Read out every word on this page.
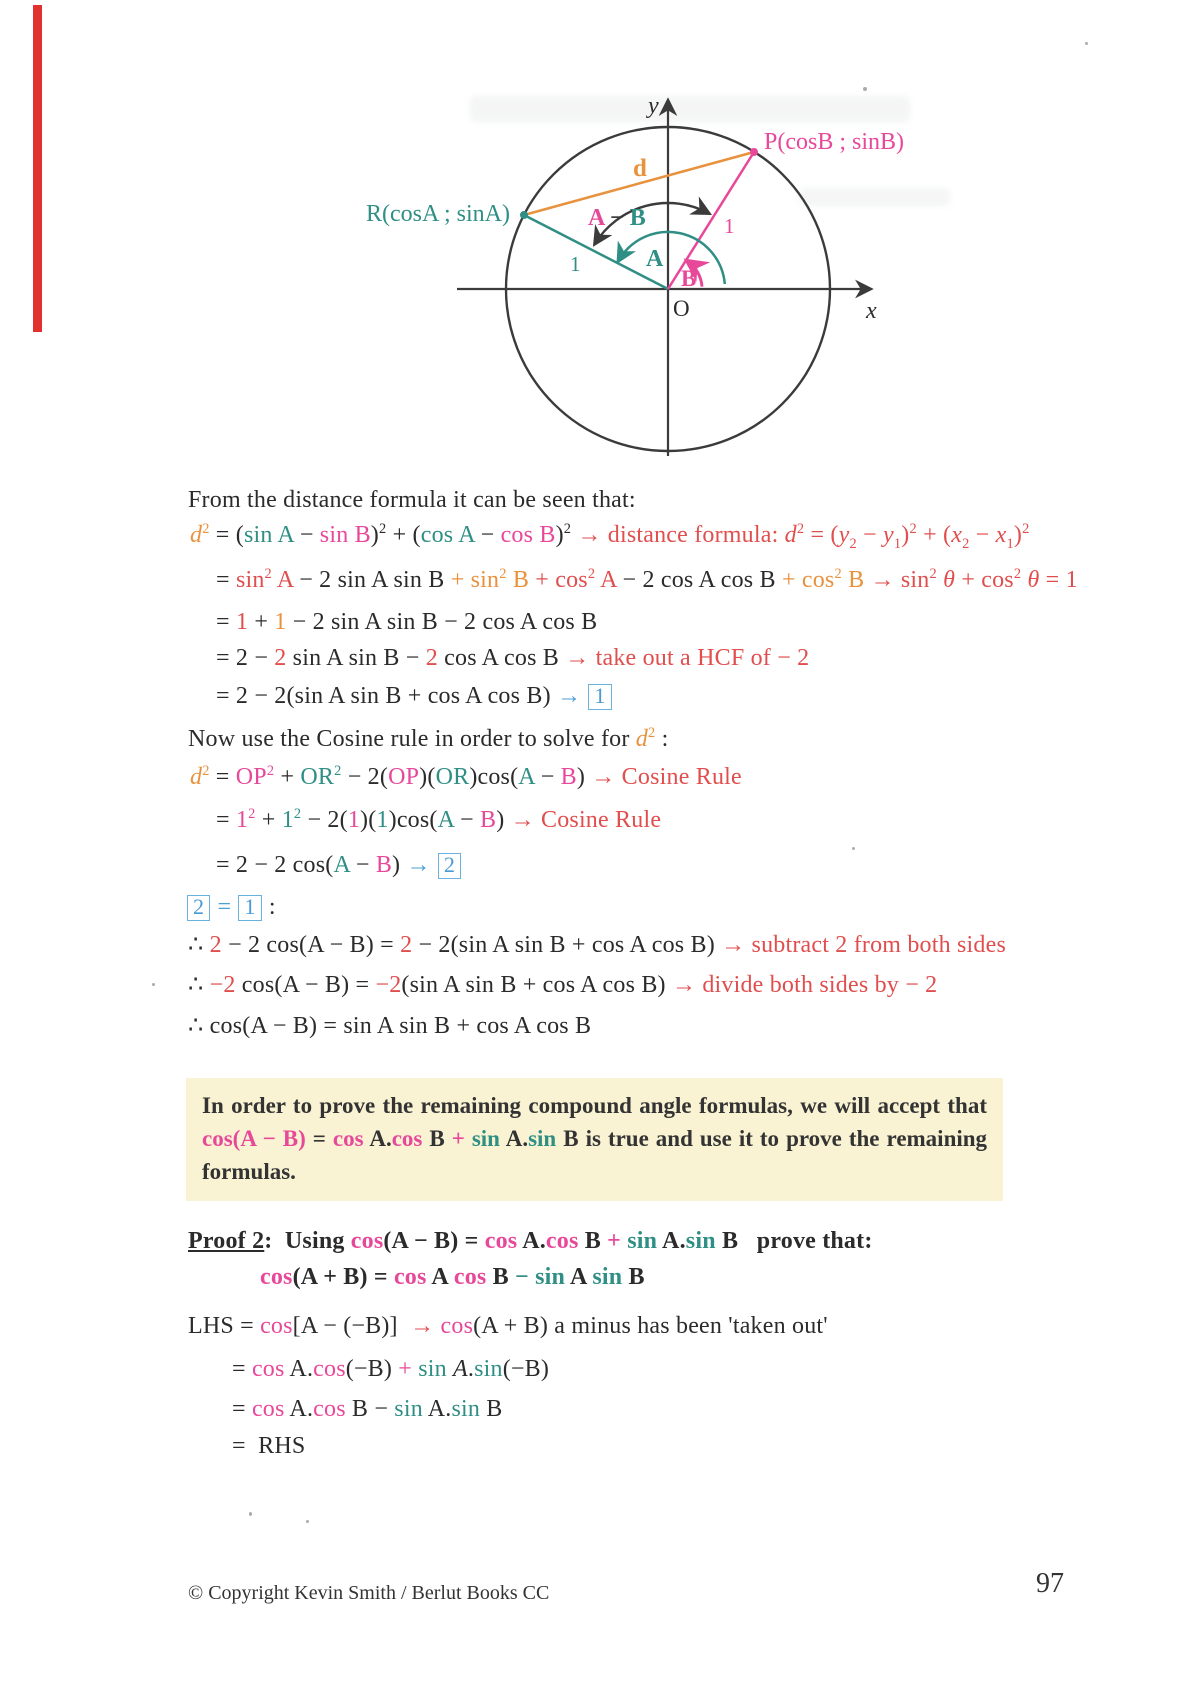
y
x
O
P(cosB ; sinB)
R(cosA ; sinA)
d
1
1
A − B
A
B
From the distance formula it can be seen that:
$d^2 = (\sin$ A − sin B)$^2$ + (cos A − cos B)$^2$ → distance formula: $d^2 = (y_2 - y_1)^2 + (x_2 - x_1)^2$
= $\sin^2 A - 2$ sin A $\sin B + \sin^2 B + \cos^2 A - 2$ cos A $\cos B + \cos^2 B \to \sin^2 \theta + \cos^2 \theta = 1$
= 1 + 1 − 2 sin A sin B − 2 cos A cos B
= 2 − 2 sin A sin B − 2 cos A cos B → take out a HCF of − 2
= 2 − 2(sin A sin B + cos A cos B) → 1
Now use the Cosine rule in order to solve for $d^2$ :
$d^2 = OP^2 + OR^2 - 2(OP)(OR)\cos(A - B) \to Cosine$ Rule
= $1^2 + 1^2 - 2(1)(1)\cos(A - B) \to Cosine$ Rule
= 2 − 2 cos(A − B) → 2
2 = 1 :
∴ 2 − 2 cos(A − B) = 2 − 2(sin A sin B + cos A cos B) → subtract 2 from both sides
∴ −2 cos(A − B) = −2(sin A sin B + cos A cos B) → divide both sides by − 2
∴ cos(A − B) = sin A sin B + cos A cos B
In order to prove the remaining compound angle formulas, we will accept that cos(A − B) = cos A.cos B + sin A.sin B is true and use it to prove the remaining formulas.
Proof 2:  Using cos(A − B) = cos A.cos B + sin A.sin B   prove that:
cos(A + B) = cos A cos B − sin A sin B
LHS = cos[A − (−B)] → cos(A + B) a minus has been 'taken out'
= cos A.cos(−B) + sin A.sin(−B)
= cos A.cos B − sin A.sin B
=  RHS
© Copyright Kevin Smith / Berlut Books CC	97
